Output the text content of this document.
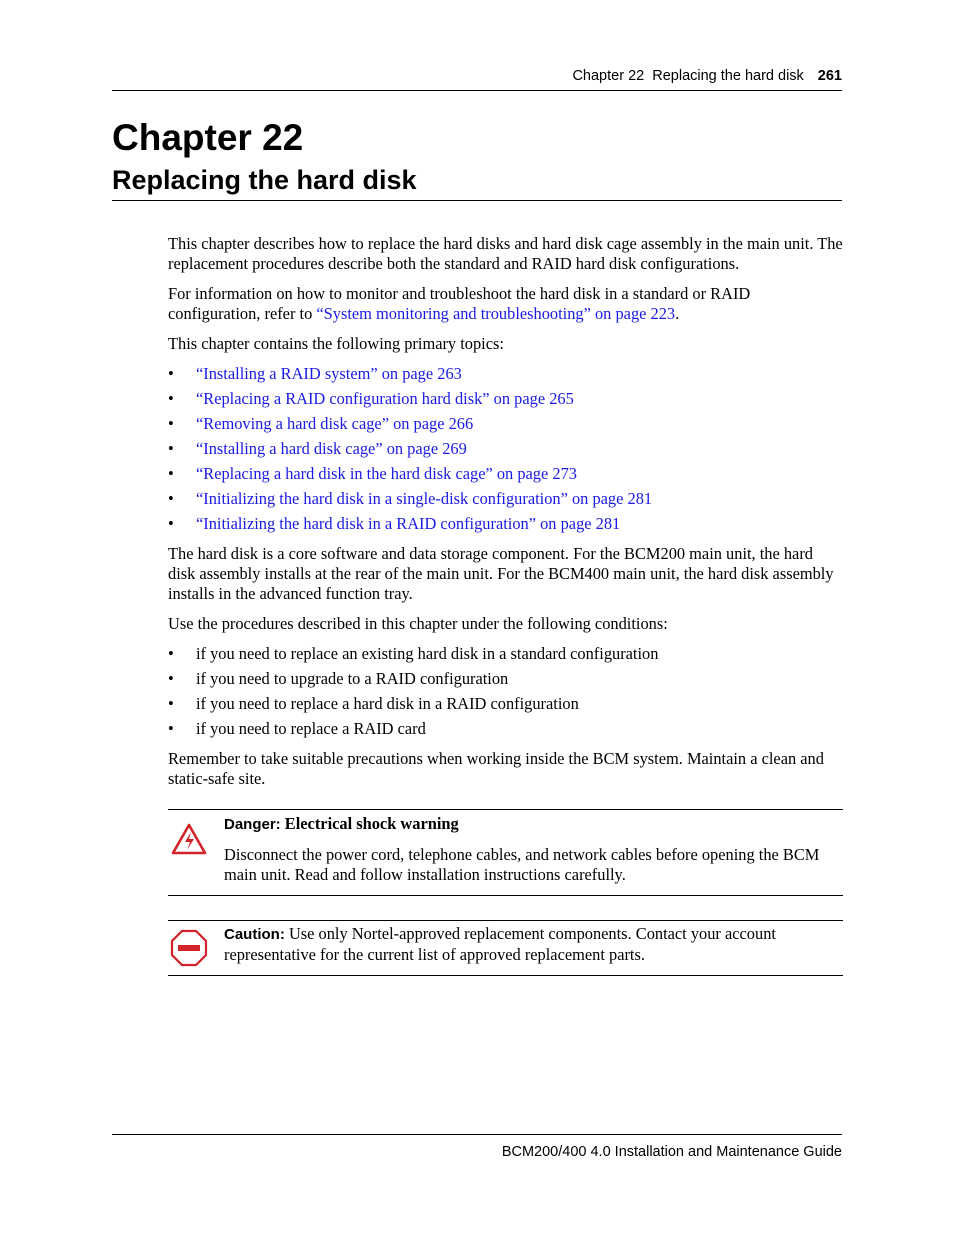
Chapter 22  Replacing the hard disk 261
Chapter 22
Replacing the hard disk

This chapter describes how to replace the hard disks and hard disk cage assembly in the main unit. The replacement procedures describe both the standard and RAID hard disk configurations.

For information on how to monitor and troubleshoot the hard disk in a standard or RAID configuration, refer to “System monitoring and troubleshooting” on page 223.

This chapter contains the following primary topics:

• “Installing a RAID system” on page 263
• “Replacing a RAID configuration hard disk” on page 265
• “Removing a hard disk cage” on page 266
• “Installing a hard disk cage” on page 269
• “Replacing a hard disk in the hard disk cage” on page 273
• “Initializing the hard disk in a single-disk configuration” on page 281
• “Initializing the hard disk in a RAID configuration” on page 281

The hard disk is a core software and data storage component. For the BCM200 main unit, the hard disk assembly installs at the rear of the main unit. For the BCM400 main unit, the hard disk assembly installs in the advanced function tray.

Use the procedures described in this chapter under the following conditions:

• if you need to replace an existing hard disk in a standard configuration
• if you need to upgrade to a RAID configuration
• if you need to replace a hard disk in a RAID configuration
• if you need to replace a RAID card

Remember to take suitable precautions when working inside the BCM system. Maintain a clean and static-safe site.

Danger: Electrical shock warning

Disconnect the power cord, telephone cables, and network cables before opening the BCM main unit. Read and follow installation instructions carefully.

Caution: Use only Nortel-approved replacement components. Contact your account representative for the current list of approved replacement parts.
BCM200/400 4.0 Installation and Maintenance Guide
